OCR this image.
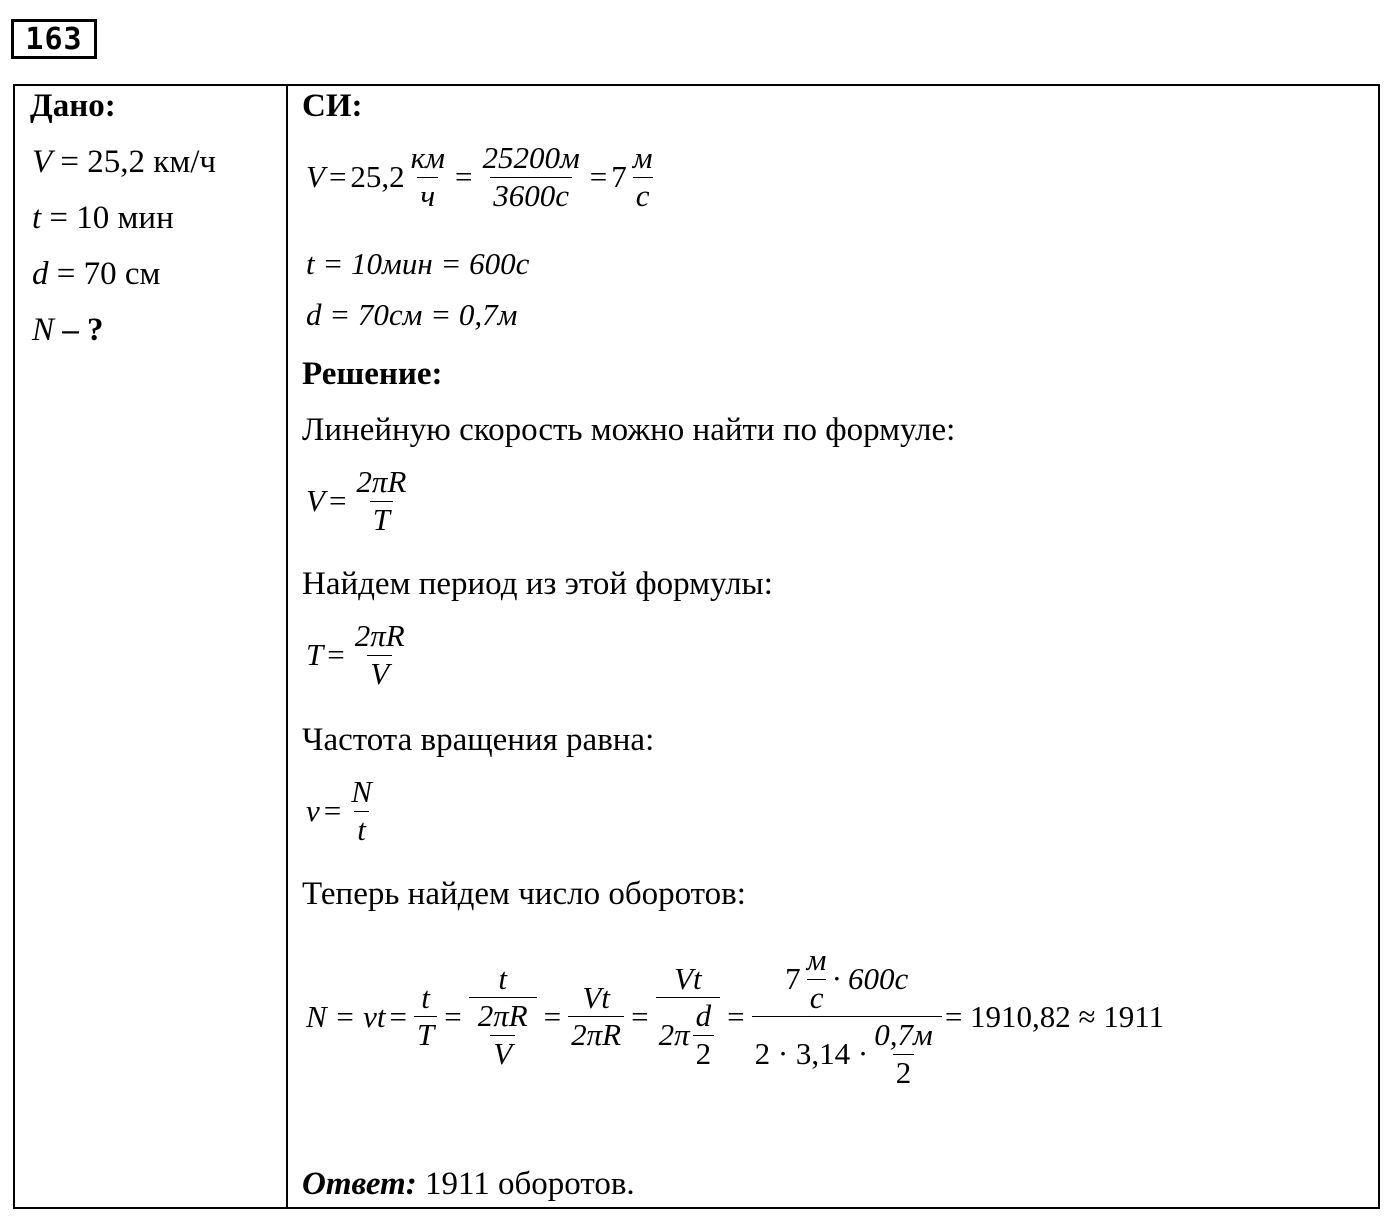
163
Дано:
V = 25,2 км/ч
t = 10 мин
d = 70 см
N – ?
СИ:
$V = 25,2 \frac{км}{ч} = \frac{25200м}{3600с} = 7 \frac{м}{с}$
t = 10мин = 600с
d = 70см = 0,7м
Решение:
Линейную скорость можно найти по формуле:
$V = \frac{2\pi R}{T}$
Найдем период из этой формулы:
$T = \frac{2\pi R}{V}$
Частота вращения равна:
$\nu = \frac{N}{t}$
Теперь найдем число оборотов:
$N = \nu t = \frac{t}{T} = \frac{t}{\frac{2\pi R}{V}} = \frac{Vt}{2\pi R} = \frac{Vt}{2\pi \frac{d}{2}} = \frac{7 \frac{м}{с} \cdot 600с}{2 \cdot 3,14 \cdot \frac{0,7м}{2}} = 1910,82 \approx 1911$
Ответ: 1911 оборотов.
